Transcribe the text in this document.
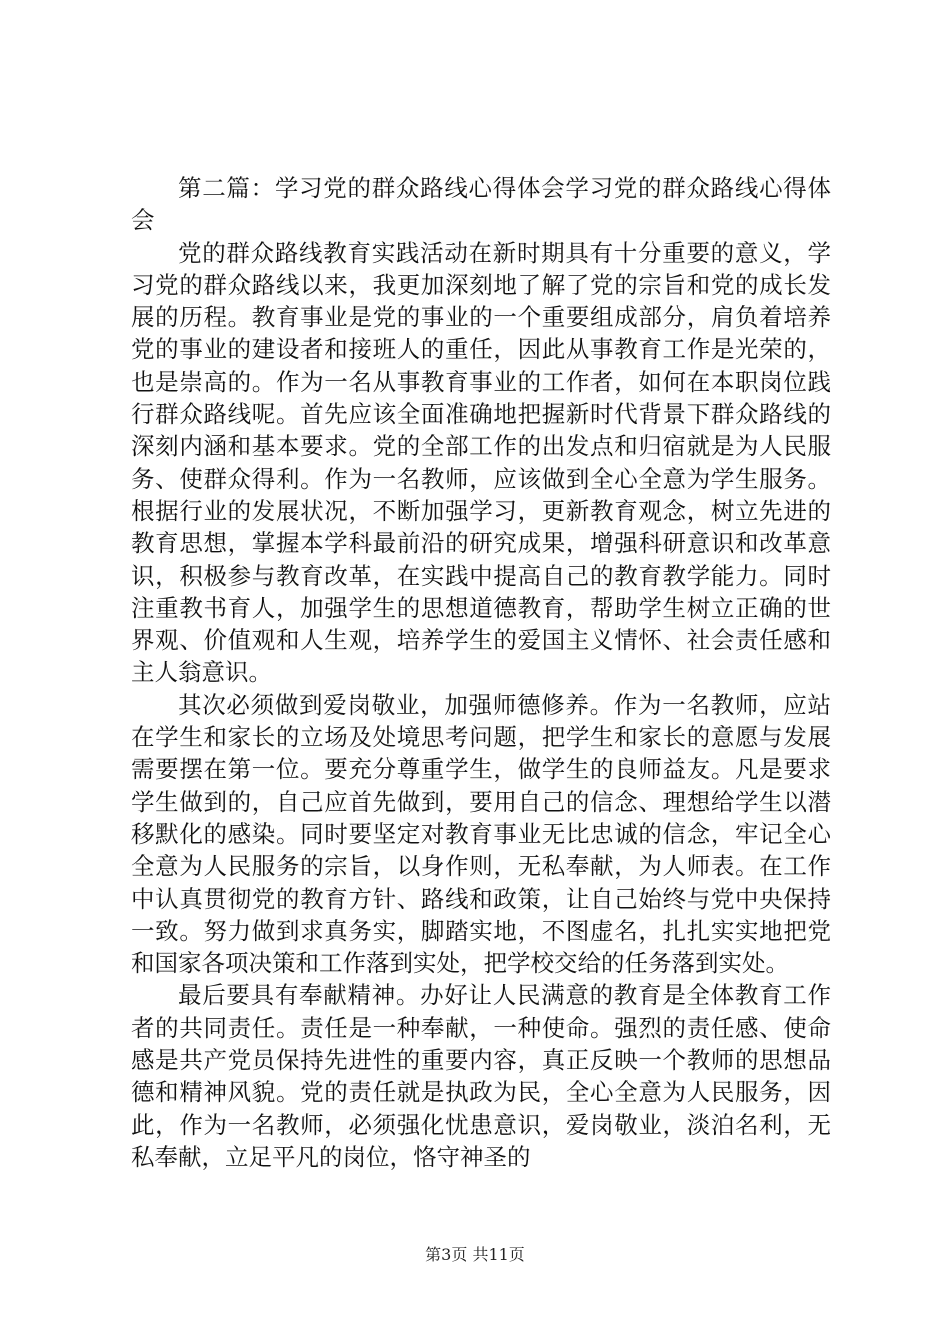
第二篇：学习党的群众路线心得体会学习党的群众路线心得体会

党的群众路线教育实践活动在新时期具有十分重要的意义，学习党的群众路线以来，我更加深刻地了解了党的宗旨和党的成长发展的历程。教育事业是党的事业的一个重要组成部分，肩负着培养党的事业的建设者和接班人的重任，因此从事教育工作是光荣的，也是崇高的。作为一名从事教育事业的工作者，如何在本职岗位践行群众路线呢。首先应该全面准确地把握新时代背景下群众路线的深刻内涵和基本要求。党的全部工作的出发点和归宿就是为人民服务、使群众得利。作为一名教师，应该做到全心全意为学生服务。根据行业的发展状况，不断加强学习，更新教育观念，树立先进的教育思想，掌握本学科最前沿的研究成果，增强科研意识和改革意识，积极参与教育改革，在实践中提高自己的教育教学能力。同时注重教书育人，加强学生的思想道德教育，帮助学生树立正确的世界观、价值观和人生观，培养学生的爱国主义情怀、社会责任感和主人翁意识。

其次必须做到爱岗敬业，加强师德修养。作为一名教师，应站在学生和家长的立场及处境思考问题，把学生和家长的意愿与发展需要摆在第一位。要充分尊重学生，做学生的良师益友。凡是要求学生做到的，自己应首先做到，要用自己的信念、理想给学生以潜移默化的感染。同时要坚定对教育事业无比忠诚的信念，牢记全心全意为人民服务的宗旨，以身作则，无私奉献，为人师表。在工作中认真贯彻党的教育方针、路线和政策，让自己始终与党中央保持一致。努力做到求真务实，脚踏实地，不图虚名，扎扎实实地把党和国家各项决策和工作落到实处，把学校交给的任务落到实处。

最后要具有奉献精神。办好让人民满意的教育是全体教育工作者的共同责任。责任是一种奉献，一种使命。强烈的责任感、使命感是共产党员保持先进性的重要内容，真正反映一个教师的思想品德和精神风貌。党的责任就是执政为民，全心全意为人民服务，因此，作为一名教师，必须强化忧患意识，爱岗敬业，淡泊名利，无私奉献，立足平凡的岗位，恪守神圣的

第3页 共11页
